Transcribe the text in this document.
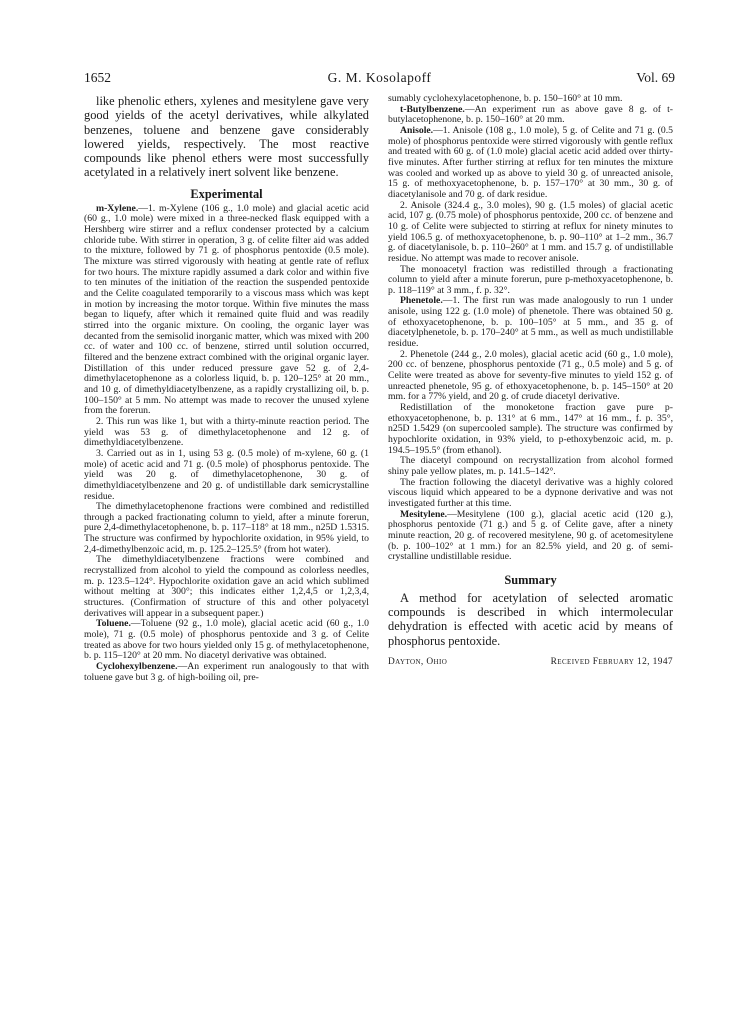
1652	G. M. Kosolapoff	Vol. 69

like phenolic ethers, xylenes and mesitylene gave very good yields of the acetyl derivatives, while alkylated benzenes, toluene and benzene gave considerably lowered yields, respectively. The most reactive compounds like phenol ethers were most successfully acetylated in a relatively inert solvent like benzene.

Experimental

m-Xylene.—1. m-Xylene (106 g., 1.0 mole) and glacial acetic acid (60 g., 1.0 mole) were mixed in a three-necked flask equipped with a Hershberg wire stirrer and a reflux condenser protected by a calcium chloride tube. With stirrer in operation, 3 g. of celite filter aid was added to the mixture, followed by 71 g. of phosphorus pentoxide (0.5 mole). The mixture was stirred vigorously with heating at gentle rate of reflux for two hours. The mixture rapidly assumed a dark color and within five to ten minutes of the initiation of the reaction the suspended pentoxide and the Celite coagulated temporarily to a viscous mass which was kept in motion by increasing the motor torque. Within five minutes the mass began to liquefy, after which it remained quite fluid and was readily stirred into the organic mixture. On cooling, the organic layer was decanted from the semisolid inorganic matter, which was mixed with 200 cc. of water and 100 cc. of benzene, stirred until solution occurred, filtered and the benzene extract combined with the original organic layer. Distillation of this under reduced pressure gave 52 g. of 2,4-dimethylacetophenone as a colorless liquid, b. p. 120–125° at 20 mm., and 10 g. of dimethyldiacetylbenzene, as a rapidly crystallizing oil, b. p. 100–150° at 5 mm. No attempt was made to recover the unused xylene from the forerun.

2. This run was like 1, but with a thirty-minute reaction period. The yield was 53 g. of dimethylacetophenone and 12 g. of dimethyldiacetylbenzene.

3. Carried out as in 1, using 53 g. (0.5 mole) of m-xylene, 60 g. (1 mole) of acetic acid and 71 g. (0.5 mole) of phosphorus pentoxide. The yield was 20 g. of dimethylacetophenone, 30 g. of dimethyldiacetylbenzene and 20 g. of undistillable dark semicrystalline residue.

The dimethylacetophenone fractions were combined and redistilled through a packed fractionating column to yield, after a minute forerun, pure 2,4-dimethylacetophenone, b. p. 117–118° at 18 mm., n25D 1.5315. The structure was confirmed by hypochlorite oxidation, in 95% yield, to 2,4-dimethylbenzoic acid, m. p. 125.2–125.5° (from hot water).

The dimethyldiacetylbenzene fractions were combined and recrystallized from alcohol to yield the compound as colorless needles, m. p. 123.5–124°. Hypochlorite oxidation gave an acid which sublimed without melting at 300°; this indicates either 1,2,4,5 or 1,2,3,4, structures. (Confirmation of structure of this and other polyacetyl derivatives will appear in a subsequent paper.)

Toluene.—Toluene (92 g., 1.0 mole), glacial acetic acid (60 g., 1.0 mole), 71 g. (0.5 mole) of phosphorus pentoxide and 3 g. of Celite treated as above for two hours yielded only 15 g. of methylacetophenone, b. p. 115–120° at 20 mm. No diacetyl derivative was obtained.

Cyclohexylbenzene.—An experiment run analogously to that with toluene gave but 3 g. of high-boiling oil, pre-

sumably cyclohexylacetophenone, b. p. 150–160° at 10 mm.

t-Butylbenzene.—An experiment run as above gave 8 g. of t-butylacetophenone, b. p. 150–160° at 20 mm.

Anisole.—1. Anisole (108 g., 1.0 mole), 5 g. of Celite and 71 g. (0.5 mole) of phosphorus pentoxide were stirred vigorously with gentle reflux and treated with 60 g. of (1.0 mole) glacial acetic acid added over thirty-five minutes. After further stirring at reflux for ten minutes the mixture was cooled and worked up as above to yield 30 g. of unreacted anisole, 15 g. of methoxyacetophenone, b. p. 157–170° at 30 mm., 30 g. of diacetylanisole and 70 g. of dark residue.

2. Anisole (324.4 g., 3.0 moles), 90 g. (1.5 moles) of glacial acetic acid, 107 g. (0.75 mole) of phosphorus pentoxide, 200 cc. of benzene and 10 g. of Celite were subjected to stirring at reflux for ninety minutes to yield 106.5 g. of methoxyacetophenone, b. p. 90–110° at 1–2 mm., 36.7 g. of diacetylanisole, b. p. 110–260° at 1 mm. and 15.7 g. of undistillable residue. No attempt was made to recover anisole.

The monoacetyl fraction was redistilled through a fractionating column to yield after a minute forerun, pure p-methoxyacetophenone, b. p. 118–119° at 3 mm., f. p. 32°.

Phenetole.—1. The first run was made analogously to run 1 under anisole, using 122 g. (1.0 mole) of phenetole. There was obtained 50 g. of ethoxyacetophenone, b. p. 100–105° at 5 mm., and 35 g. of diacetylphenetole, b. p. 170–240° at 5 mm., as well as much undistillable residue.

2. Phenetole (244 g., 2.0 moles), glacial acetic acid (60 g., 1.0 mole), 200 cc. of benzene, phosphorus pentoxide (71 g., 0.5 mole) and 5 g. of Celite were treated as above for seventy-five minutes to yield 152 g. of unreacted phenetole, 95 g. of ethoxyacetophenone, b. p. 145–150° at 20 mm. for a 77% yield, and 20 g. of crude diacetyl derivative.

Redistillation of the monoketone fraction gave pure p-ethoxyacetophenone, b. p. 131° at 6 mm., 147° at 16 mm., f. p. 35°, n25D 1.5429 (on supercooled sample). The structure was confirmed by hypochlorite oxidation, in 93% yield, to p-ethoxybenzoic acid, m. p. 194.5–195.5° (from ethanol).

The diacetyl compound on recrystallization from alcohol formed shiny pale yellow plates, m. p. 141.5–142°.

The fraction following the diacetyl derivative was a highly colored viscous liquid which appeared to be a dypnone derivative and was not investigated further at this time.

Mesitylene.—Mesitylene (100 g.), glacial acetic acid (120 g.), phosphorus pentoxide (71 g.) and 5 g. of Celite gave, after a ninety minute reaction, 20 g. of recovered mesitylene, 90 g. of acetomesitylene (b. p. 100–102° at 1 mm.) for an 82.5% yield, and 20 g. of semi-crystalline undistillable residue.

Summary

A method for acetylation of selected aromatic compounds is described in which intermolecular dehydration is effected with acetic acid by means of phosphorus pentoxide.

Dayton, Ohio	Received February 12, 1947
